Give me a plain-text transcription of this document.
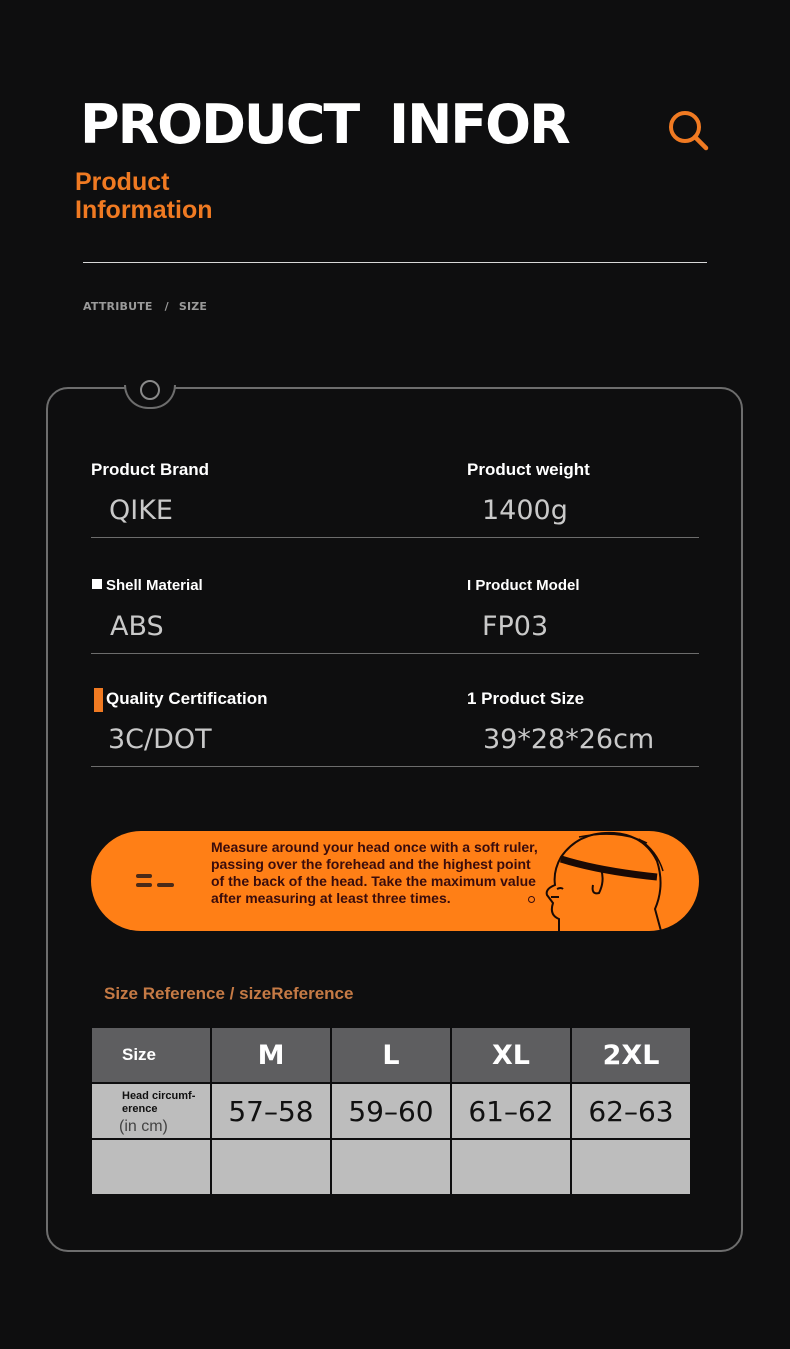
PRODUCT INFOR
Product Information
ATTRIBUTE / SIZE
Product Brand
QIKE
Product weight
1400g
Shell Material
ABS
I Product Model
FP03
Quality Certification
3C/DOT
1 Product Size
39*28*26cm
Measure around your head once with a soft ruler, passing over the forehead and the highest point of the back of the head. Take the maximum value after measuring at least three times.
Size Reference / sizeReference
Size	M	L	XL	2XL

Head circumf-erence
(in cm)	57–58	59–60	61–62	62–63
